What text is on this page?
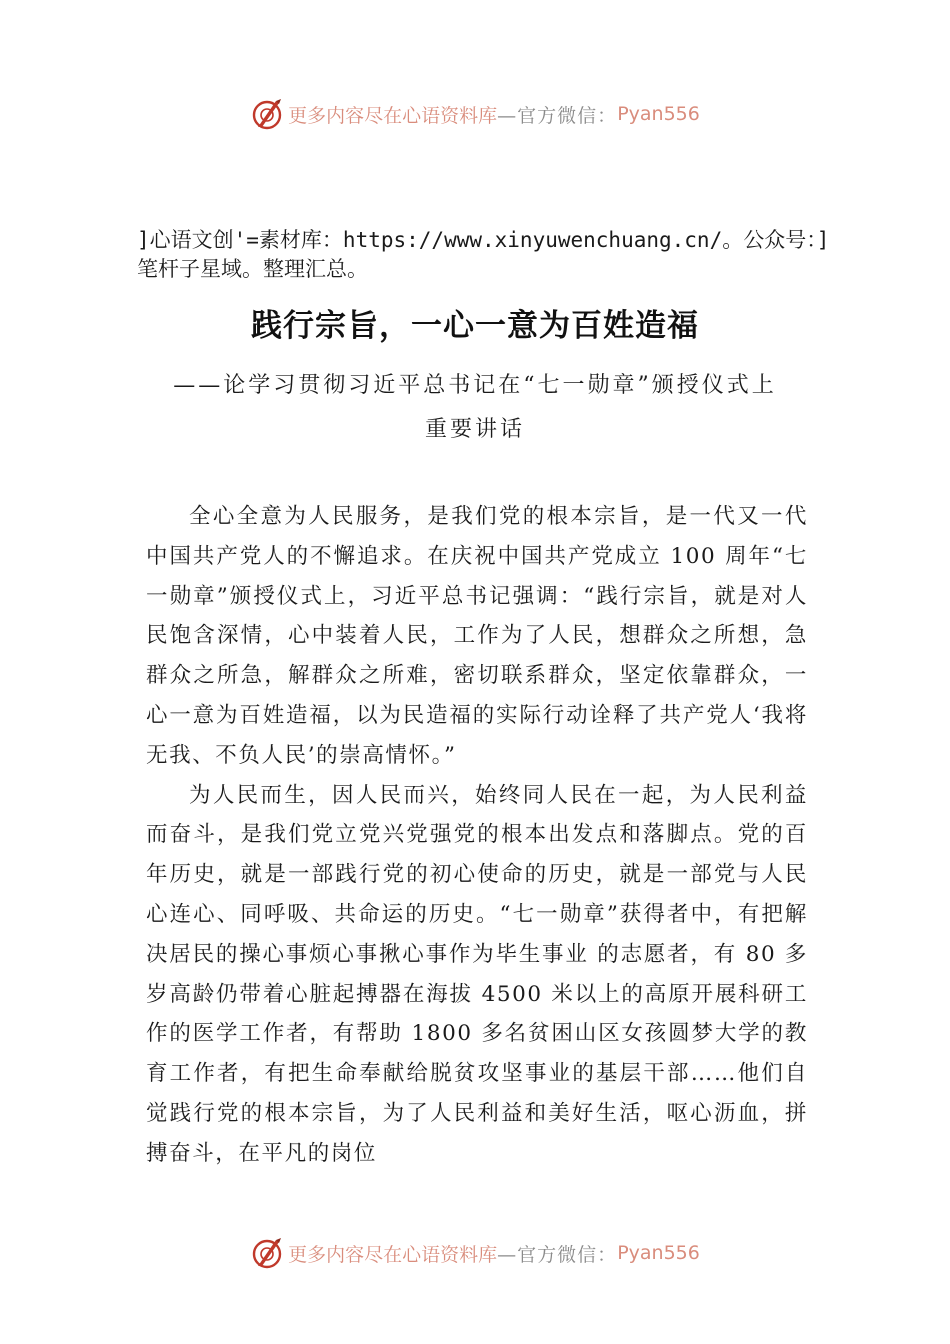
更多内容尽在心语资料库 —官方微信： Pyan556
]心语文创'=素材库：https://www.xinyuwenchuang.cn/。公众号：]笔杆子星域。整理汇总。
践行宗旨，一心一意为百姓造福
——论学习贯彻习近平总书记在“七一勋章”颁授仪式上
重要讲话

全心全意为人民服务，是我们党的根本宗旨，是一代又一代中国共产党人的不懈追求。在庆祝中国共产党成立 100 周年“七一勋章”颁授仪式上，习近平总书记强调：“践行宗旨，就是对人民饱含深情，心中装着人民，工作为了人民，想群众之所想，急群众之所急，解群众之所难，密切联系群众，坚定依靠群众，一心一意为百姓造福，以为民造福的实际行动诠释了共产党人‘我将无我、不负人民’的崇高情怀。”

为人民而生，因人民而兴，始终同人民在一起，为人民利益而奋斗，是我们党立党兴党强党的根本出发点和落脚点。党的百年历史，就是一部践行党的初心使命的历史，就是一部党与人民心连心、同呼吸、共命运的历史。“七一勋章”获得者中，有把解决居民的操心事烦心事揪心事作为毕生事业 的志愿者，有 80 多岁高龄仍带着心脏起搏器在海拔 4500 米以上的高原开展科研工作的医学工作者，有帮助 1800 多名贫困山区女孩圆梦大学的教育工作者，有把生命奉献给脱贫攻坚事业的基层干部……他们自觉践行党的根本宗旨，为了人民利益和美好生活，呕心沥血，拼搏奋斗，在平凡的岗位

更多内容尽在心语资料库 —官方微信： Pyan556
